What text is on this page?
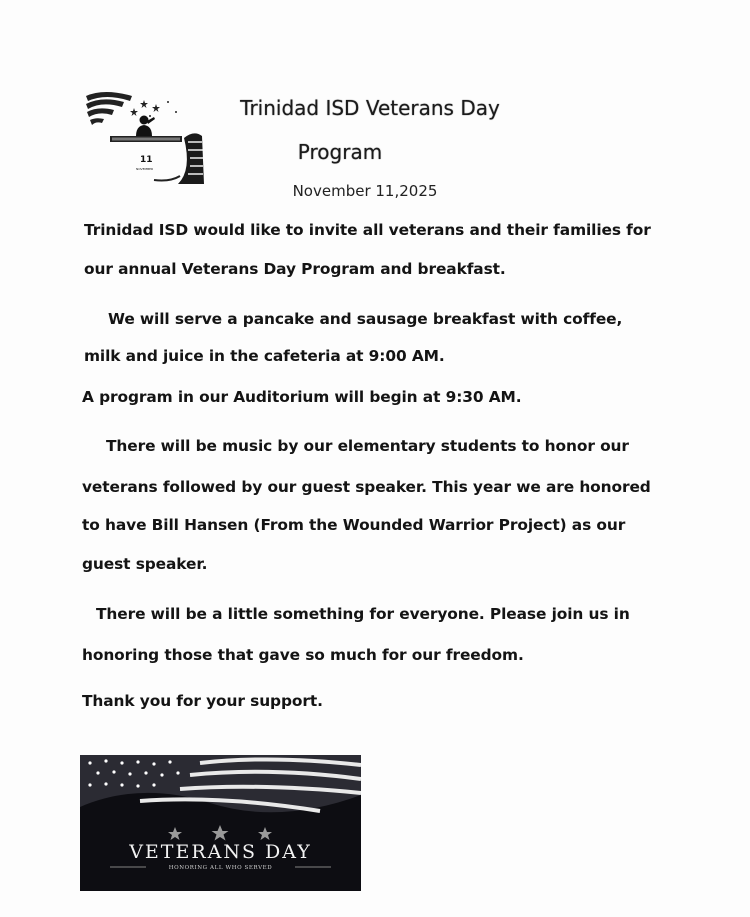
11
NOVEMBER
Trinidad ISD Veterans Day
Program
November 11,2025
Trinidad ISD would like to invite all veterans and their families for
our annual Veterans Day Program and breakfast.
We will serve a pancake and sausage breakfast with coffee,
milk and juice in the cafeteria at 9:00 AM.
A program in our Auditorium will begin at 9:30 AM.
There will be music by our elementary students to honor our
veterans followed by our guest speaker. This year we are honored
to have Bill Hansen (From the Wounded Warrior Project) as our
guest speaker.
There will be a little something for everyone. Please join us in
honoring those that gave so much for our freedom.
Thank you for your support.
VETERANS DAY
HONORING ALL WHO SERVED
